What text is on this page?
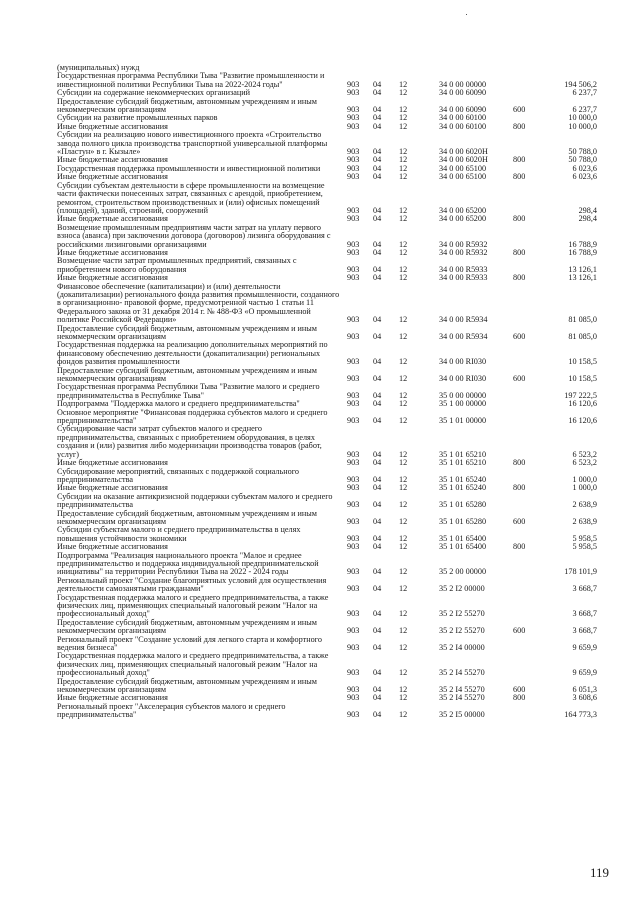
(муниципальных) нужд						
Государственная программа Республики Тыва "Развитие промышленности и инвестиционной политики Республики Тыва на 2022-2024 годы"	903	04	12	34 0 00 00000		194 506,2
Субсидии на содержание некоммерческих организаций	903	04	12	34 0 00 60090		6 237,7
Предоставление субсидий бюджетным, автономным учреждениям и иным некоммерческим организациям	903	04	12	34 0 00 60090	600	6 237,7
Субсидии на развитие промышленных парков	903	04	12	34 0 00 60100		10 000,0
Иные бюджетные ассигнования	903	04	12	34 0 00 60100	800	10 000,0
Субсидии на реализацию нового инвестиционного проекта «Строительство завода полного цикла производства транспортной универсальной платформы «Пластун» в г. Кызыле»	903	04	12	34 0 00 6020Н		50 788,0
Иные бюджетные ассигнования	903	04	12	34 0 00 6020Н	800	50 788,0
Государственная поддержка промышленности и инвестиционной политики	903	04	12	34 0 00 65100		6 023,6
Иные бюджетные ассигнования	903	04	12	34 0 00 65100	800	6 023,6
Субсидии субъектам деятельности в сфере промышленности на возмещение части фактически понесенных затрат, связанных с арендой, приобретением, ремонтом, строительством производственных и (или) офисных помещений (площадей), зданий, строений, сооружений	903	04	12	34 0 00 65200		298,4
Иные бюджетные ассигнования	903	04	12	34 0 00 65200	800	298,4
Возмещение промышленным предприятиям части затрат на уплату первого взноса (аванса) при заключении договора (договоров) лизинга оборудования с российскими лизинговыми организациями	903	04	12	34 0 00 R5932		16 788,9
Иные бюджетные ассигнования	903	04	12	34 0 00 R5932	800	16 788,9
Возмещение части затрат промышленных предприятий, связанных с приобретением нового оборудования	903	04	12	34 0 00 R5933		13 126,1
Иные бюджетные ассигнования	903	04	12	34 0 00 R5933	800	13 126,1
Финансовое обеспечение (капитализации) и (или) деятельности (докапитализации) регионального фонда развития промышленности, созданного в организационно- правовой форме, предусмотренной частью 1 статьи 11 Федерального закона от 31 декабря 2014 г. № 488-ФЗ «О промышленной политике Российской Федерации»	903	04	12	34 0 00 R5934		81 085,0
Предоставление субсидий бюджетным, автономным учреждениям и иным некоммерческим организациям	903	04	12	34 0 00 R5934	600	81 085,0
Государственная поддержка на реализацию дополнительных мероприятий по финансовому обеспечению деятельности (докапитализации) региональных фондов развития промышленности	903	04	12	34 0 00 RI030		10 158,5
Предоставление субсидий бюджетным, автономным учреждениям и иным некоммерческим организациям	903	04	12	34 0 00 RI030	600	10 158,5
Государственная программа Республики Тыва "Развитие малого и среднего предпринимательства в Республике Тыва"	903	04	12	35 0 00 00000		197 222,5
Подпрограмма "Поддержка малого и среднего предпринимательства"	903	04	12	35 1 00 00000		16 120,6
Основное мероприятие "Финансовая поддержка субъектов малого и среднего предпринимательства"	903	04	12	35 1 01 00000		16 120,6
Субсидирование части затрат субъектов малого и среднего предпринимательства, связанных с приобретением оборудования, в целях создания и (или) развития либо модернизации производства товаров (работ, услуг)	903	04	12	35 1 01 65210		6 523,2
Иные бюджетные ассигнования	903	04	12	35 1 01 65210	800	6 523,2
Субсидирование мероприятий, связанных с поддержкой социального предпринимательства	903	04	12	35 1 01 65240		1 000,0
Иные бюджетные ассигнования	903	04	12	35 1 01 65240	800	1 000,0
Субсидии на оказание антикризисной поддержки субъектам малого и среднего предпринимательства	903	04	12	35 1 01 65280		2 638,9
Предоставление субсидий бюджетным, автономным учреждениям и иным некоммерческим организациям	903	04	12	35 1 01 65280	600	2 638,9
Субсидии субъектам малого и среднего предпринимательства в целях повышения устойчивости экономики	903	04	12	35 1 01 65400		5 958,5
Иные бюджетные ассигнования	903	04	12	35 1 01 65400	800	5 958,5
Подпрограмма "Реализация национального проекта "Малое и среднее предпринимательство и поддержка индивидуальной предпринимательской инициативы" на территории Республики Тыва на 2022 - 2024 годы	903	04	12	35 2 00 00000		178 101,9
Региональный проект "Создание благоприятных условий для осуществления деятельности самозанятыми гражданами"	903	04	12	35 2 I2 00000		3 668,7
Государственная поддержка малого и среднего предпринимательства, а также физических лиц, применяющих специальный налоговый режим "Налог на профессиональный доход"	903	04	12	35 2 I2 55270		3 668,7
Предоставление субсидий бюджетным, автономным учреждениям и иным некоммерческим организациям	903	04	12	35 2 I2 55270	600	3 668,7
Региональный проект "Создание условий для легкого старта и комфортного ведения бизнеса"	903	04	12	35 2 I4 00000		9 659,9
Государственная поддержка малого и среднего предпринимательства, а также физических лиц, применяющих специальный налоговый режим "Налог на профессиональный доход"	903	04	12	35 2 I4 55270		9 659,9
Предоставление субсидий бюджетным, автономным учреждениям и иным некоммерческим организациям	903	04	12	35 2 I4 55270	600	6 051,3
Иные бюджетные ассигнования	903	04	12	35 2 I4 55270	800	3 608,6
Региональный проект "Акселерация субъектов малого и среднего предпринимательства"	903	04	12	35 2 I5 00000		164 773,3
119
